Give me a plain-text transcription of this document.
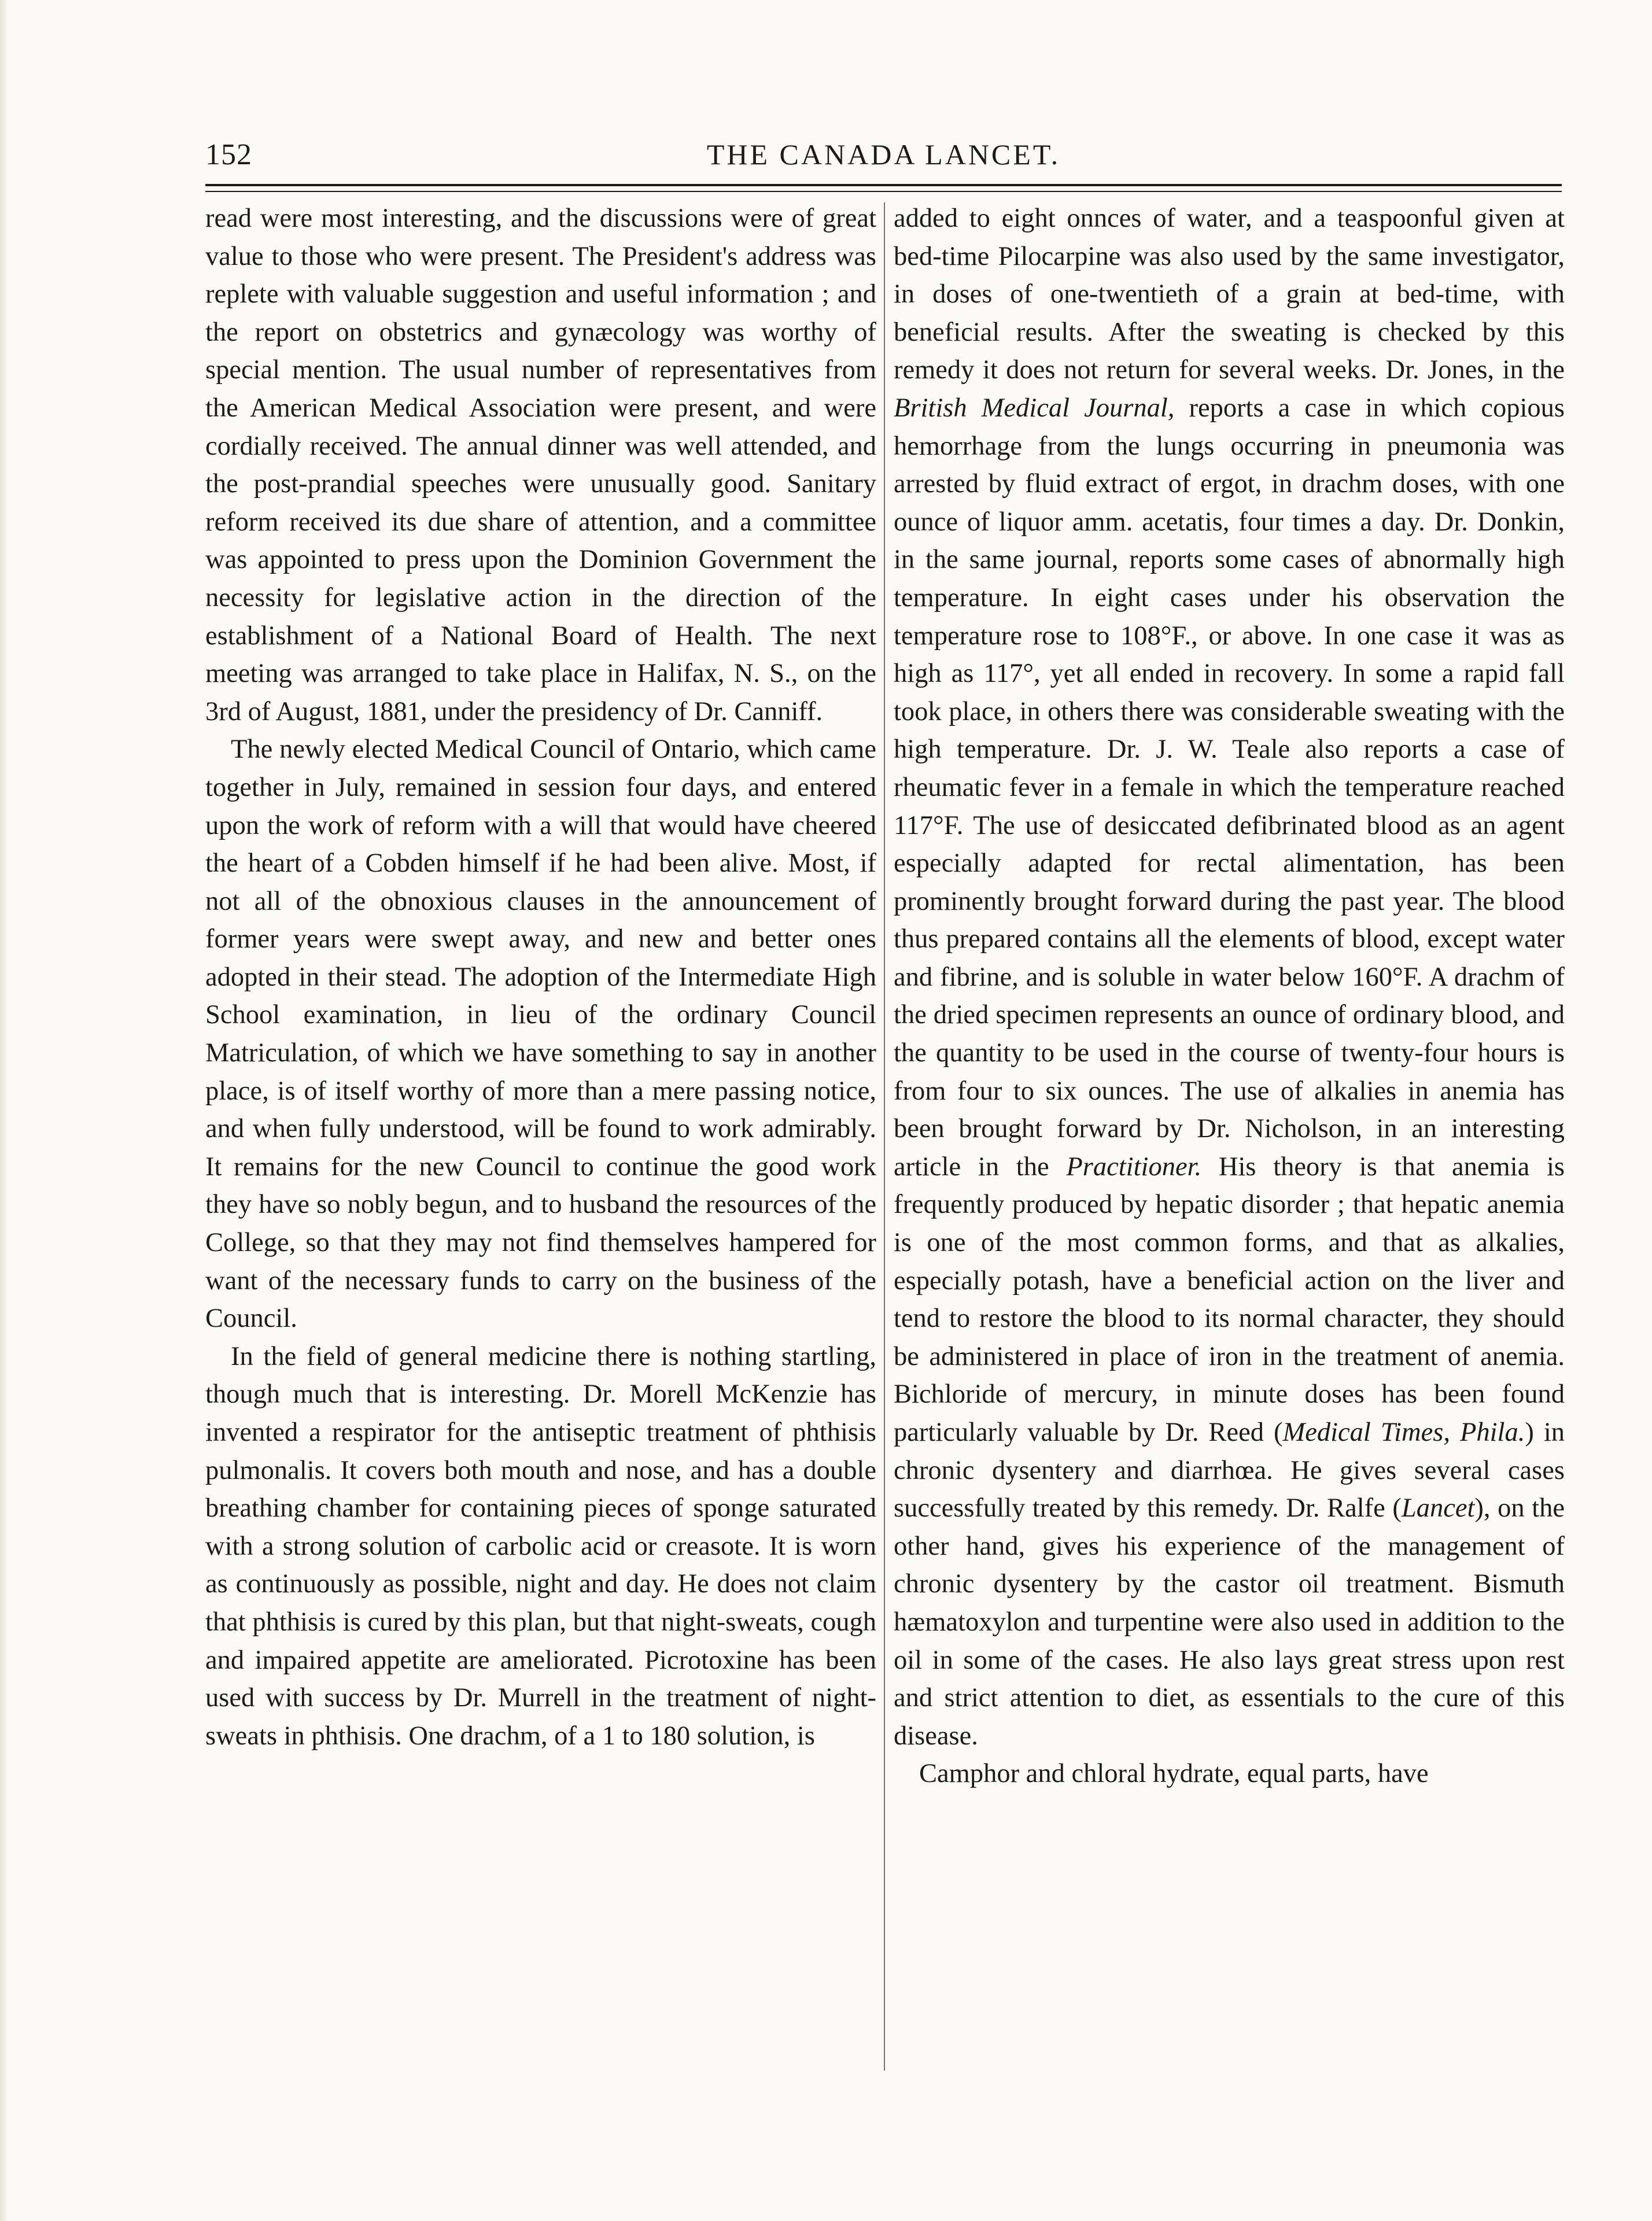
152	THE CANADA LANCET.

read were most interesting, and the discussions were of great value to those who were present. The President's address was replete with valuable suggestion and useful information ; and the report on obstetrics and gynæcology was worthy of special mention. The usual number of representatives from the American Medical Association were present, and were cordially received. The annual dinner was well attended, and the post-prandial speeches were unusually good. Sanitary reform received its due share of attention, and a committee was appointed to press upon the Dominion Government the necessity for legislative action in the direction of the establishment of a National Board of Health. The next meeting was arranged to take place in Halifax, N. S., on the 3rd of August, 1881, under the presidency of Dr. Canniff.

The newly elected Medical Council of Ontario, which came together in July, remained in session four days, and entered upon the work of reform with a will that would have cheered the heart of a Cobden himself if he had been alive. Most, if not all of the obnoxious clauses in the announcement of former years were swept away, and new and better ones adopted in their stead. The adoption of the Intermediate High School examination, in lieu of the ordinary Council Matriculation, of which we have something to say in another place, is of itself worthy of more than a mere passing notice, and when fully understood, will be found to work admirably. It remains for the new Council to continue the good work they have so nobly begun, and to husband the resources of the College, so that they may not find themselves hampered for want of the necessary funds to carry on the business of the Council.

In the field of general medicine there is nothing startling, though much that is interesting. Dr. Morell McKenzie has invented a respirator for the antiseptic treatment of phthisis pulmonalis. It covers both mouth and nose, and has a double breathing chamber for containing pieces of sponge saturated with a strong solution of carbolic acid or creasote. It is worn as continuously as possible, night and day. He does not claim that phthisis is cured by this plan, but that night-sweats, cough and impaired appetite are ameliorated. Picrotoxine has been used with success by Dr. Murrell in the treatment of night-sweats in phthisis. One drachm, of a 1 to 180 solution, is

added to eight onnces of water, and a teaspoonful given at bed-time Pilocarpine was also used by the same investigator, in doses of one-twentieth of a grain at bed-time, with beneficial results. After the sweating is checked by this remedy it does not return for several weeks. Dr. Jones, in the British Medical Journal, reports a case in which copious hemorrhage from the lungs occurring in pneumonia was arrested by fluid extract of ergot, in drachm doses, with one ounce of liquor amm. acetatis, four times a day. Dr. Donkin, in the same journal, reports some cases of abnormally high temperature. In eight cases under his observation the temperature rose to 108°F., or above. In one case it was as high as 117°, yet all ended in recovery. In some a rapid fall took place, in others there was considerable sweating with the high temperature. Dr. J. W. Teale also reports a case of rheumatic fever in a female in which the temperature reached 117°F. The use of desiccated defibrinated blood as an agent especially adapted for rectal alimentation, has been prominently brought forward during the past year. The blood thus prepared contains all the elements of blood, except water and fibrine, and is soluble in water below 160°F. A drachm of the dried specimen represents an ounce of ordinary blood, and the quantity to be used in the course of twenty-four hours is from four to six ounces. The use of alkalies in anemia has been brought forward by Dr. Nicholson, in an interesting article in the Practitioner. His theory is that anemia is frequently produced by hepatic disorder ; that hepatic anemia is one of the most common forms, and that as alkalies, especially potash, have a beneficial action on the liver and tend to restore the blood to its normal character, they should be administered in place of iron in the treatment of anemia. Bichloride of mercury, in minute doses has been found particularly valuable by Dr. Reed (Medical Times, Phila.) in chronic dysentery and diarrhœa. He gives several cases successfully treated by this remedy. Dr. Ralfe (Lancet), on the other hand, gives his experience of the management of chronic dysentery by the castor oil treatment. Bismuth hæmatoxylon and turpentine were also used in addition to the oil in some of the cases. He also lays great stress upon rest and strict attention to diet, as essentials to the cure of this disease.

Camphor and chloral hydrate, equal parts, have
